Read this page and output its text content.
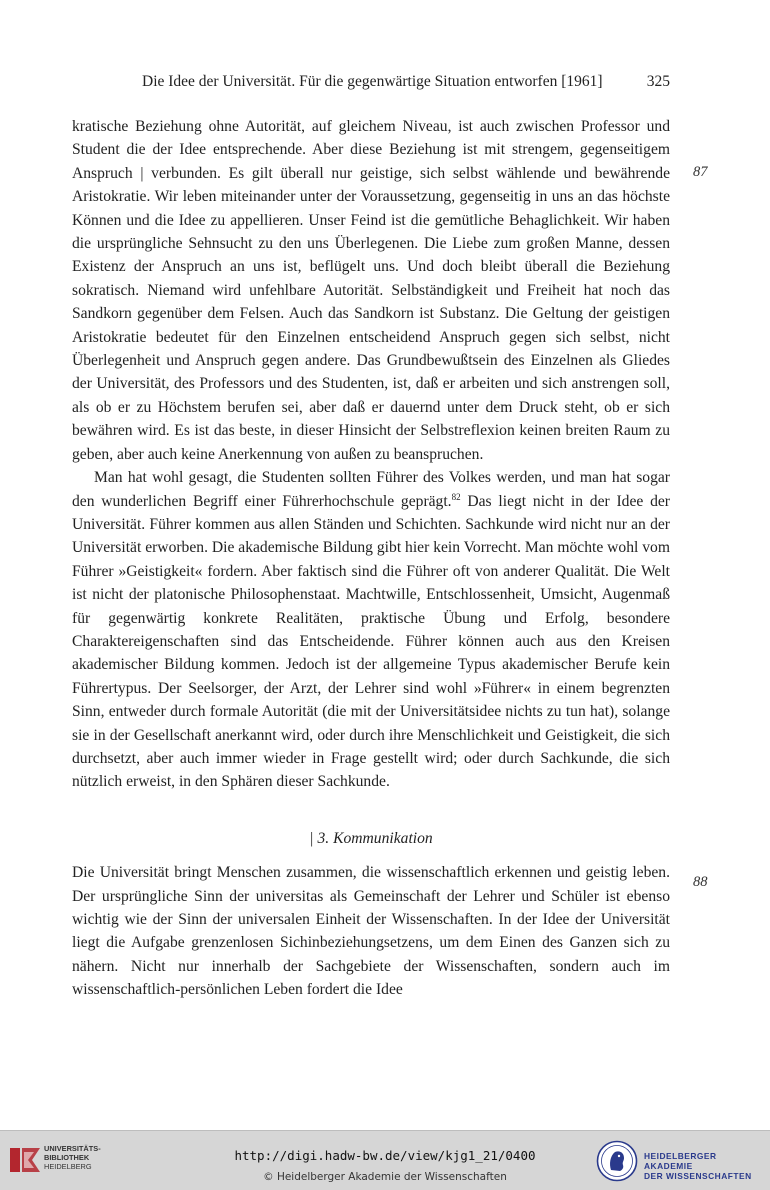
Die Idee der Universität. Für die gegenwärtige Situation entworfen [1961]	325
87
88

kratische Beziehung ohne Autorität, auf gleichem Niveau, ist auch zwischen Professor und Student die der Idee entsprechende. Aber diese Beziehung ist mit strengem, gegenseitigem Anspruch | verbunden. Es gilt überall nur geistige, sich selbst wählende und bewährende Aristokratie. Wir leben miteinander unter der Voraussetzung, gegenseitig in uns an das höchste Können und die Idee zu appellieren. Unser Feind ist die gemütliche Behaglichkeit. Wir haben die ursprüngliche Sehnsucht zu den uns Überlegenen. Die Liebe zum großen Manne, dessen Existenz der Anspruch an uns ist, beflügelt uns. Und doch bleibt überall die Beziehung sokratisch. Niemand wird unfehlbare Autorität. Selbständigkeit und Freiheit hat noch das Sandkorn gegenüber dem Felsen. Auch das Sandkorn ist Substanz. Die Geltung der geistigen Aristokratie bedeutet für den Einzelnen entscheidend Anspruch gegen sich selbst, nicht Überlegenheit und Anspruch gegen andere. Das Grundbewußtsein des Einzelnen als Gliedes der Universität, des Professors und des Studenten, ist, daß er arbeiten und sich anstrengen soll, als ob er zu Höchstem berufen sei, aber daß er dauernd unter dem Druck steht, ob er sich bewähren wird. Es ist das beste, in dieser Hinsicht der Selbstreflexion keinen breiten Raum zu geben, aber auch keine Anerkennung von außen zu beanspruchen.

Man hat wohl gesagt, die Studenten sollten Führer des Volkes werden, und man hat sogar den wunderlichen Begriff einer Führerhochschule geprägt.$^{82}$ Das liegt nicht in der Idee der Universität. Führer kommen aus allen Ständen und Schichten. Sachkunde wird nicht nur an der Universität erworben. Die akademische Bildung gibt hier kein Vorrecht. Man möchte wohl vom Führer »Geistigkeit« fordern. Aber faktisch sind die Führer oft von anderer Qualität. Die Welt ist nicht der platonische Philosophenstaat. Machtwille, Entschlossenheit, Umsicht, Augenmaß für gegenwärtig konkrete Realitäten, praktische Übung und Erfolg, besondere Charaktereigenschaften sind das Entscheidende. Führer können auch aus den Kreisen akademischer Bildung kommen. Jedoch ist der allgemeine Typus akademischer Berufe kein Führertypus. Der Seelsorger, der Arzt, der Lehrer sind wohl »Führer« in einem begrenzten Sinn, entweder durch formale Autorität (die mit der Universitätsidee nichts zu tun hat), solange sie in der Gesellschaft anerkannt wird, oder durch ihre Menschlichkeit und Geistigkeit, die sich durchsetzt, aber auch immer wieder in Frage gestellt wird; oder durch Sachkunde, die sich nützlich erweist, in den Sphären dieser Sachkunde.

| 3. Kommunikation

Die Universität bringt Menschen zusammen, die wissenschaftlich erkennen und geistig leben. Der ursprüngliche Sinn der universitas als Gemeinschaft der Lehrer und Schüler ist ebenso wichtig wie der Sinn der universalen Einheit der Wissenschaften. In der Idee der Universität liegt die Aufgabe grenzenlosen Sichinbeziehungsetzens, um dem Einen des Ganzen sich zu nähern. Nicht nur innerhalb der Sachgebiete der Wissenschaften, sondern auch im wissenschaftlich-persönlichen Leben fordert die Idee

UNIVERSITÄTS-
BIBLIOTHEK
HEIDELBERG
http://digi.hadw-bw.de/view/kjg1_21/0400
© Heidelberger Akademie der Wissenschaften
HEIDELBERGER AKADEMIE
DER WISSENSCHAFTEN
